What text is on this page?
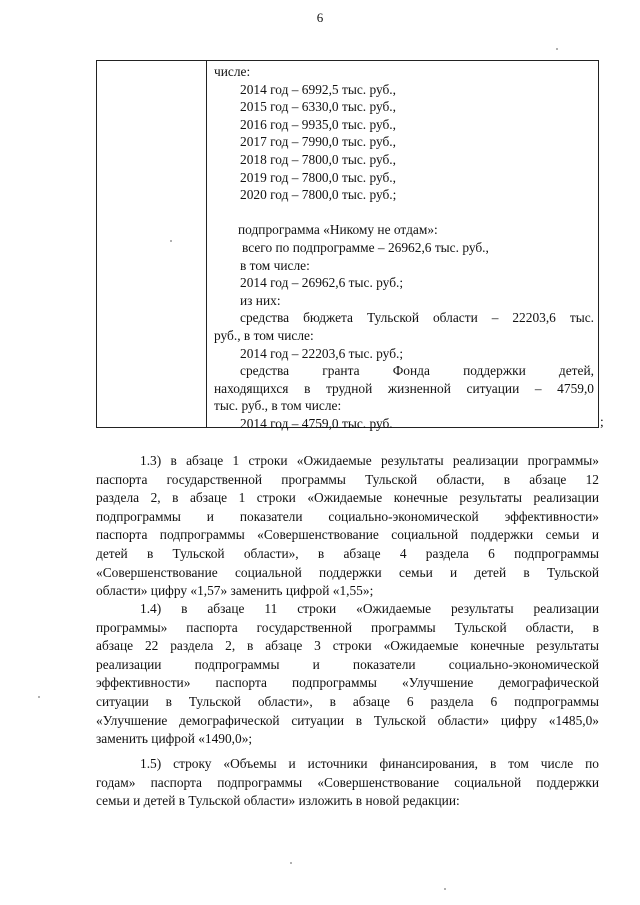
6
числе:
2014 год – 6992,5 тыс. руб.,
2015 год – 6330,0 тыс. руб.,
2016 год – 9935,0 тыс. руб.,
2017 год – 7990,0 тыс. руб.,
2018 год – 7800,0 тыс. руб.,
2019 год – 7800,0 тыс. руб.,
2020 год – 7800,0 тыс. руб.;
подпрограмма «Никому не отдам»:
всего по подпрограмме – 26962,6 тыс. руб.,
в том числе:
2014 год – 26962,6 тыс. руб.;
из них:
средства бюджета Тульской области – 22203,6 тыс.
руб., в том числе:
2014 год – 22203,6 тыс. руб.;
средства гранта Фонда поддержки детей,
находящихся в трудной жизненной ситуации – 4759,0
тыс. руб., в том числе:
2014 год – 4759,0 тыс. руб.	;
1.3) в абзаце 1 строки «Ожидаемые результаты реализации программы»
паспорта государственной программы Тульской области, в абзаце 12
раздела 2, в абзаце 1 строки «Ожидаемые конечные результаты реализации
подпрограммы и показатели социально-экономической эффективности»
паспорта подпрограммы «Совершенствование социальной поддержки семьи и
детей в Тульской области», в абзаце 4 раздела 6 подпрограммы
«Совершенствование социальной поддержки семьи и детей в Тульской
области» цифру «1,57» заменить цифрой «1,55»;
1.4) в абзаце 11 строки «Ожидаемые результаты реализации
программы» паспорта государственной программы Тульской области, в
абзаце 22 раздела 2, в абзаце 3 строки «Ожидаемые конечные результаты
реализации подпрограммы и показатели социально-экономической
эффективности» паспорта подпрограммы «Улучшение демографической
ситуации в Тульской области», в абзаце 6 раздела 6 подпрограммы
«Улучшение демографической ситуации в Тульской области» цифру «1485,0»
заменить цифрой «1490,0»;
1.5) строку «Объемы и источники финансирования, в том числе по
годам» паспорта подпрограммы «Совершенствование социальной поддержки
семьи и детей в Тульской области» изложить в новой редакции:
